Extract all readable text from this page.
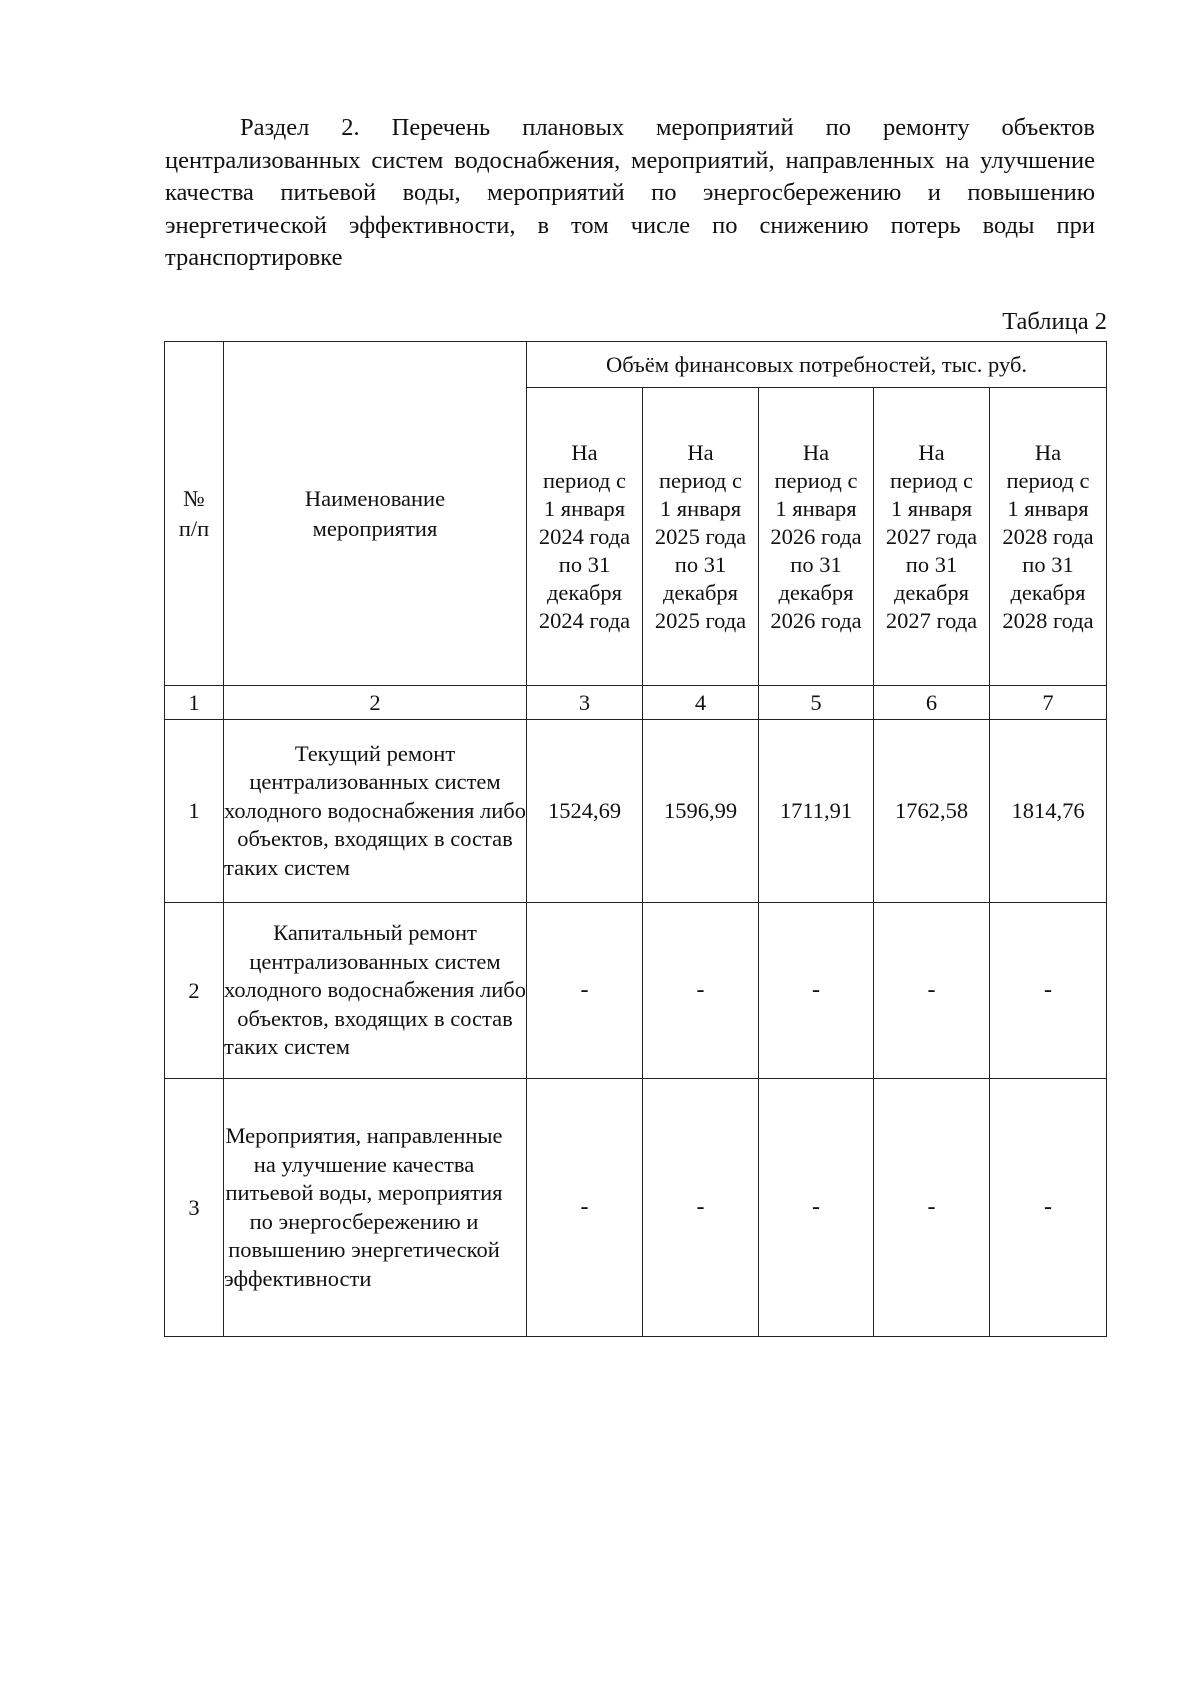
Раздел 2. Перечень плановых мероприятий по ремонту объектов централизованных систем водоснабжения, мероприятий, направленных на улучшение качества питьевой воды, мероприятий по энергосбережению и повышению энергетической эффективности, в том числе по снижению потерь воды при транспортировке

Таблица 2

№ п/п	Наименование мероприятия	Объём финансовых потребностей, тыс. руб.				

		На период с 1 января 2024 года по 31 декабря 2024 года	На период с 1 января 2025 года по 31 декабря 2025 года	На период с 1 января 2026 года по 31 декабря 2026 года	На период с 1 января 2027 года по 31 декабря 2027 года	На период с 1 января 2028 года по 31 декабря 2028 года

1	2	3	4	5	6	7
1	Текущий ремонт централизованных систем холодного водоснабжения либо объектов, входящих в состав таких систем	1524,69	1596,99	1711,91	1762,58	1814,76
2	Капитальный ремонт централизованных систем холодного водоснабжения либо объектов, входящих в состав таких систем	-	-	-	-	-
3	Мероприятия, направленные на улучшение качества питьевой воды, мероприятия по энергосбережению и повышению энергетической эффективности	-	-	-	-	-
